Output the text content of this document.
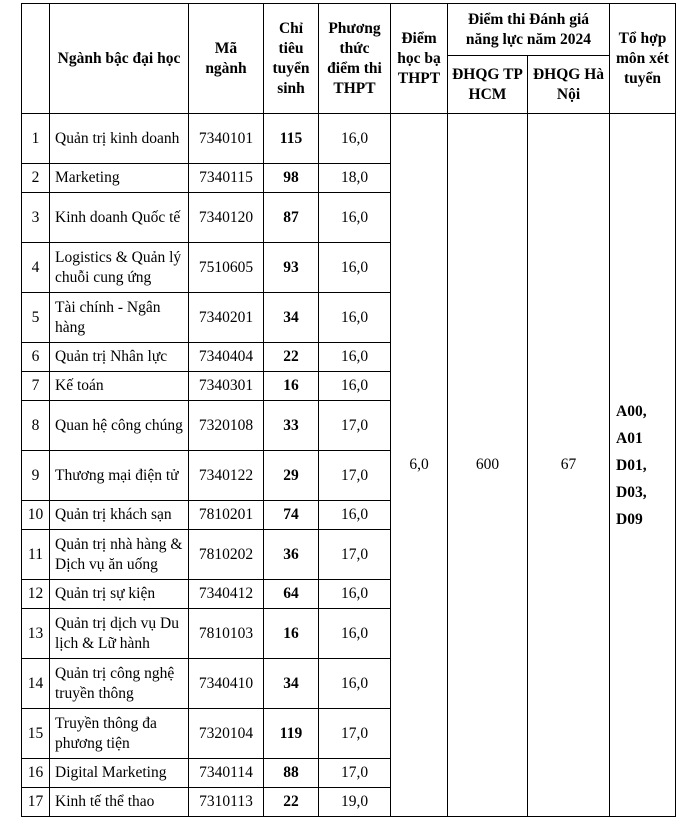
	Ngành bậc đại học	Mã ngành	Chỉ tiêu tuyển sinh	Phương thức điểm thi THPT	Điểm học bạ THPT	Điểm thi Đánh giá năng lực năm 2024		Tổ hợp môn xét tuyển
						ĐHQG TP HCM	ĐHQG Hà Nội	
1	Quản trị kinh doanh	7340101	115	16,0	6,0	600	67	A00,
A01
D01,
D03,
D09

2	Marketing	7340115	98	18,0				
3	Kinh doanh Quốc tế	7340120	87	16,0				
4	Logistics & Quản lý chuỗi cung ứng	7510605	93	16,0				
5	Tài chính - Ngân hàng	7340201	34	16,0				
6	Quản trị Nhân lực	7340404	22	16,0				
7	Kế toán	7340301	16	16,0				
8	Quan hệ công chúng	7320108	33	17,0				
9	Thương mại điện tử	7340122	29	17,0				
10	Quản trị khách sạn	7810201	74	16,0				
11	Quản trị nhà hàng & Dịch vụ ăn uống	7810202	36	17,0				
12	Quản trị sự kiện	7340412	64	16,0				
13	Quản trị dịch vụ Du lịch & Lữ hành	7810103	16	16,0				
14	Quản trị công nghệ truyền thông	7340410	34	16,0				
15	Truyền thông đa phương tiện	7320104	119	17,0				
16	Digital Marketing	7340114	88	17,0				
17	Kinh tế thể thao	7310113	22	19,0				
